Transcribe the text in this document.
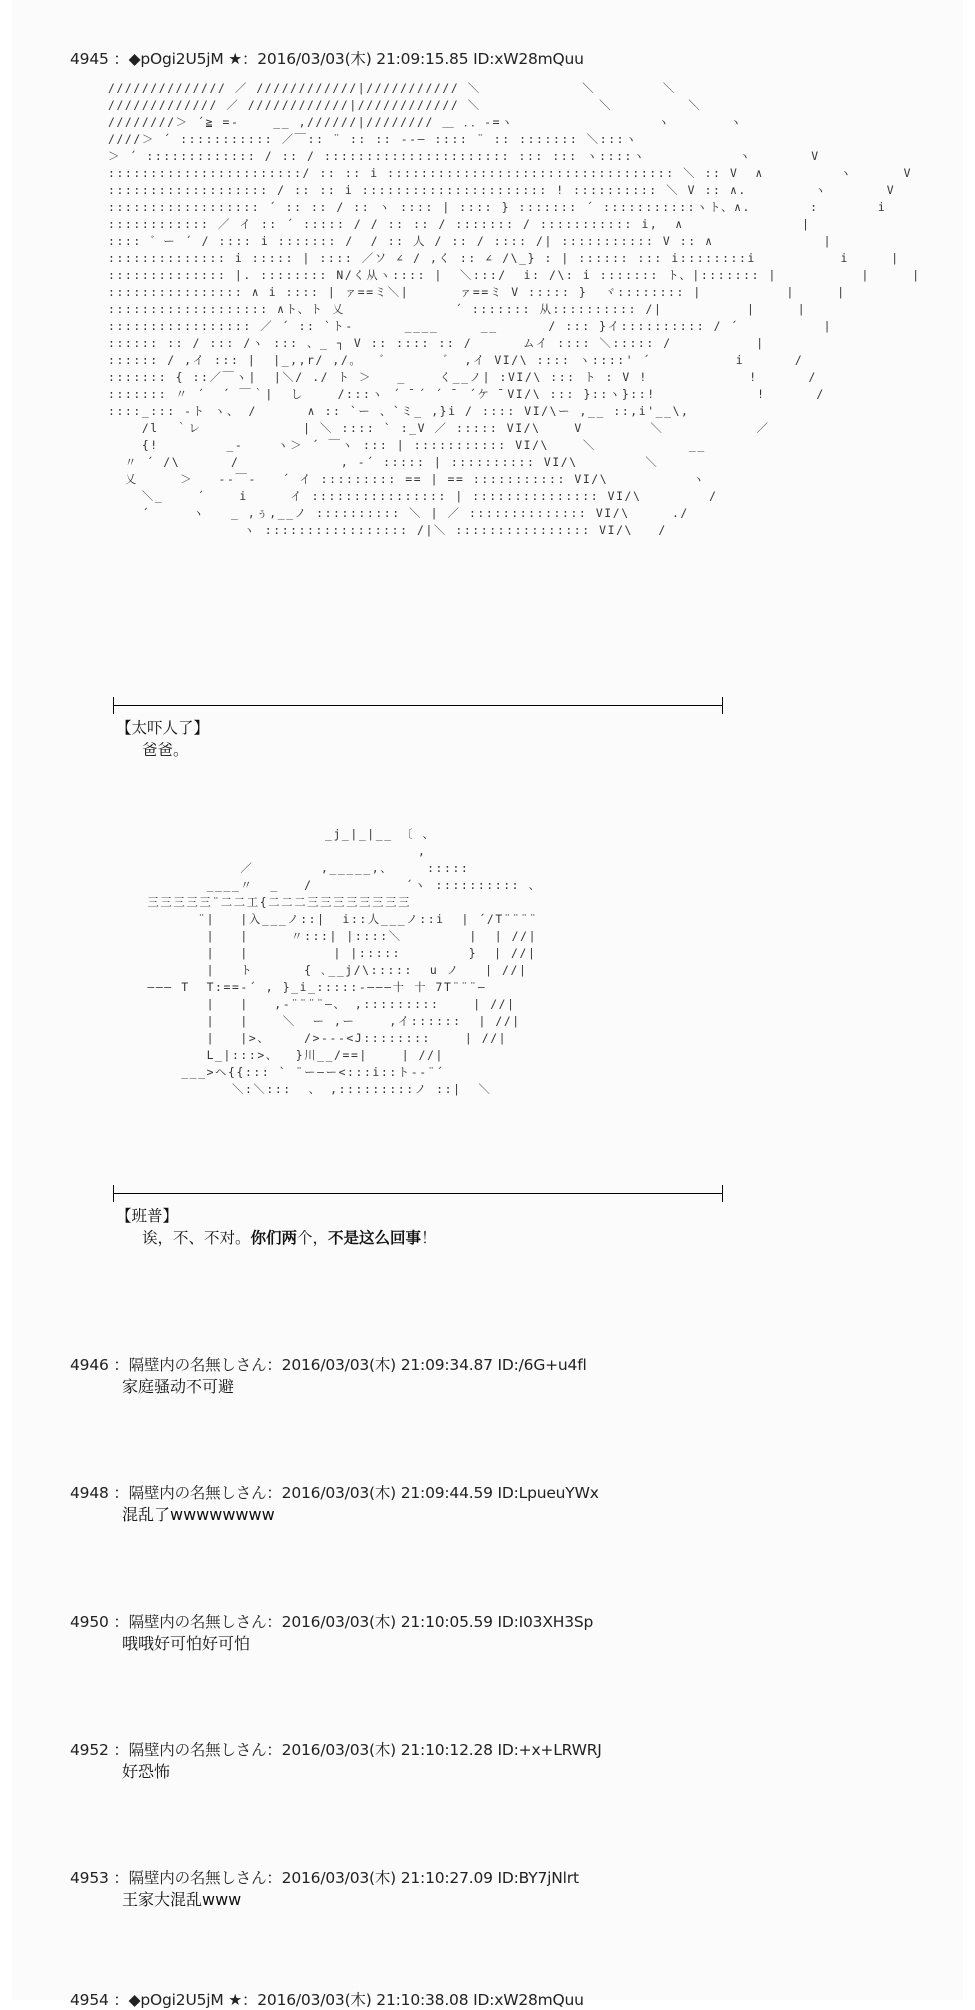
4945 ：◆pOgi2U5jM ★：2016/03/03(木) 21:09:15.85 ID:xW28mQuu
////////////// ／ ////////////|/////////// ＼            ＼        ＼
///////////// ／ ////////////|//////////// ＼              ＼         ＼
////////＞ ´≧ =-    __ ,//////|//////// ＿ ．．-=ヽ                 ヽ       ヽ
////＞ ´ ::::::::::: ／￣:: ¨ :: :: -‐― :::: ¨ :: ::::::: ＼:::ヽ
＞ ´ ::::::::::::: / :: / :::::::::::::::::::::: ::: ::: ヽ::::ヽ           ヽ       V
:::::::::::::::::::::::/ :: :: i :::::::::::::::::::::::::::::::::: ＼ :: V  ∧         ヽ      V
::::::::::::::::::: / :: :: i :::::::::::::::::::::: ! :::::::::: ＼ V :: ∧.        ヽ       V
:::::::::::::::::: ´ :: :: / :: ヽ :::: | :::: } ::::::: ´ :::::::::::ヽト、∧.       :       i
:::::::::::: ／ イ :: ´ ::::: / / :: :: / ::::::: / ::::::::::: i,  ∧              |
:::: ゛ー ´ / :::: i ::::::: /  / :: 人 / :: / :::: /| ::::::::::: V :: ∧             |
:::::::::::::: i ::::: | :::: ／ソ ∠ / ,く :: ∠ /\_} : | :::::: ::: i::::::::i          i     |
:::::::::::::: |. :::::::: N/く从ヽ:::: |  ＼:::/  i: /\: i ::::::: ト、|::::::: |          |     |
:::::::::::::::: ∧ i :::: | ァ==ミ＼|      ァ==ミ V ::::: }  ヾ:::::::: |          |     |
::::::::::::::::::: ∧ト、ト 乂             ´ ::::::: 从:::::::::: /|          |     |
::::::::::::::::: ／ ´ :: `ト-      ____     __      / ::: }イ:::::::::: / ´          |
:::::: :: / ::: /ヽ ::: 、_ ┐ V :: :::: :: /      ムイ :::: ＼::::: /          |
:::::: / ,イ ::: |  |_,,r/ ,/。  ゛      ゛ ,イ VI/\ :::: ヽ::::' ´          i      /
::::::: { ::／￣ヽ|  |＼/ ./ ト ＞   _    く__ノ| :VI/\ ::: ト : V !            !      /
::::::: 〃 ´  ´ ￣｀|  し    /:::ヽ ´ ̄ ´ ´ ̄  ´ケ ̄ VI/\ ::: }::ヽ}::!            !      /
::::_::: -ト ヽ、 /      ∧ :: `ー 、`ミ_ ,}i / :::: VI/\ー ,__ ::,i'__\,
/l  ｀レ            | ＼ :::: ` :_V ／ ::::: VI/\    V        ＼           ／
{!        _-    ヽ＞ ´ ￣ヽ ::: | ::::::::::: VI/\    ＼           __
〃 ´ /\      /            , -´ ::::: | :::::::::: VI/\        ＼
乂     ＞   -‐￣-   ´ イ ::::::::: == | == ::::::::::: VI/\          ヽ
＼_    ´    i     イ :::::::::::::::: | ::::::::::::::: VI/\        /
´     ヽ   _ ,ぅ,__ノ :::::::::: ＼ | ／ :::::::::::::: VI/\     ./
ヽ ::::::::::::::::: /|＼ :::::::::::::::: VI/\   /
【太吓人了】
爸爸。
_j_|_|__ 〔 、
,
／        ,_____,、    :::::
____〃  _   /           ´ヽ :::::::::: 、
三三三三三¨二二工{二二二三三三三三三三三
¨|   |入___ノ::|  i::人___ノ::i  | ´/T¨¨¨¨
|   |     〃:::| |::::＼        |  | //|
|   |          | |:::::        }  | //|
|   ト      { ､__j/\:::::  u ノ   | //|
――― T  T:==-´ , }_i_:::::-―――十 十 7T¨¨¨―
|   |   ,-¨¨¨¨―、 ,:::::::::    | //|
|   |    ＼  ー ,ー    ,イ::::::  | //|
|   |>、    />---<J::::::::    | //|
L_|:::>、  }川__/==|    | //|
___>ヘ{{::: ` ¨ー―ー<:::i::ト--¨´
＼:＼:::  、 ,:::::::::ノ ::|  ＼
【班普】
诶，不、不对。你们两个，不是这么回事！
4946 ：隔壁内の名無しさん：2016/03/03(木) 21:09:34.87 ID:/6G+u4fl
家庭骚动不可避
4948 ：隔壁内の名無しさん：2016/03/03(木) 21:09:44.59 ID:LpueuYWx
混乱了wwwwwwww
4950 ：隔壁内の名無しさん：2016/03/03(木) 21:10:05.59 ID:I03XH3Sp
哦哦好可怕好可怕
4952 ：隔壁内の名無しさん：2016/03/03(木) 21:10:12.28 ID:+x+LRWRJ
好恐怖
4953 ：隔壁内の名無しさん：2016/03/03(木) 21:10:27.09 ID:BY7jNlrt
王家大混乱www
4954 ：◆pOgi2U5jM ★：2016/03/03(木) 21:10:38.08 ID:xW28mQuu
